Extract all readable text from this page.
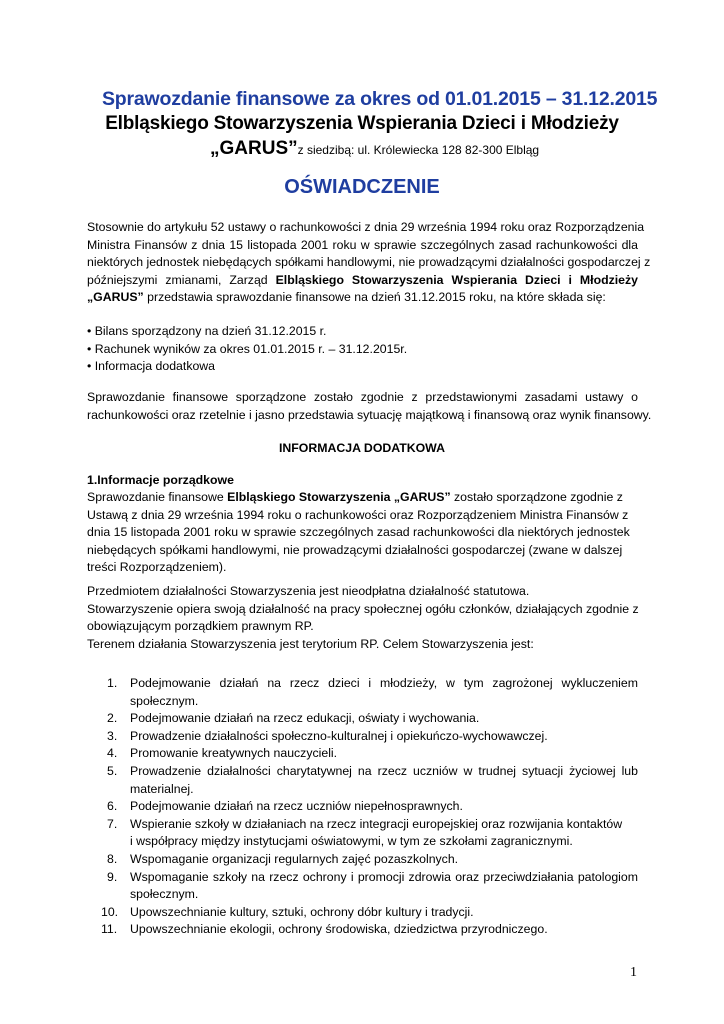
Sprawozdanie finansowe za okres od 01.01.2015 – 31.12.2015
Elbląskiego Stowarzyszenia Wspierania Dzieci i Młodzieży
„GARUS”z siedzibą: ul. Królewiecka 128 82-300 Elbląg
OŚWIADCZENIE
Stosownie do artykułu 52 ustawy o rachunkowości z dnia 29 września 1994 roku oraz Rozporządzenia
Ministra Finansów z dnia 15 listopada 2001 roku w sprawie szczególnych zasad rachunkowości dla
niektórych jednostek niebędących spółkami handlowymi, nie prowadzącymi działalności gospodarczej z
późniejszymi zmianami, Zarząd Elbląskiego Stowarzyszenia Wspierania Dzieci i Młodzieży
„GARUS” przedstawia sprawozdanie finansowe na dzień 31.12.2015 roku, na które składa się:
• Bilans sporządzony na dzień 31.12.2015 r.
• Rachunek wyników za okres 01.01.2015 r. – 31.12.2015r.
• Informacja dodatkowa
Sprawozdanie finansowe sporządzone zostało zgodnie z przedstawionymi zasadami ustawy o
rachunkowości oraz rzetelnie i jasno przedstawia sytuację majątkową i finansową oraz wynik finansowy.
INFORMACJA DODATKOWA
1.Informacje porządkowe
Sprawozdanie finansowe Elbląskiego Stowarzyszenia „GARUS” zostało sporządzone zgodnie z
Ustawą z dnia 29 września 1994 roku o rachunkowości oraz Rozporządzeniem Ministra Finansów z
dnia 15 listopada 2001 roku w sprawie szczególnych zasad rachunkowości dla niektórych jednostek
niebędących spółkami handlowymi, nie prowadzącymi działalności gospodarczej (zwane w dalszej
treści Rozporządzeniem).
Przedmiotem działalności Stowarzyszenia jest nieodpłatna działalność statutowa.
Stowarzyszenie opiera swoją działalność na pracy społecznej ogółu członków, działających zgodnie z
obowiązującym porządkiem prawnym RP.
Terenem działania Stowarzyszenia jest terytorium RP. Celem Stowarzyszenia jest:
1. Podejmowanie działań na rzecz dzieci i młodzieży, w tym zagrożonej wykluczeniem
społecznym.
2. Podejmowanie działań na rzecz edukacji, oświaty i wychowania.
3. Prowadzenie działalności społeczno-kulturalnej i opiekuńczo-wychowawczej.
4. Promowanie kreatywnych nauczycieli.
5. Prowadzenie działalności charytatywnej na rzecz uczniów w trudnej sytuacji życiowej lub
materialnej.
6. Podejmowanie działań na rzecz uczniów niepełnosprawnych.
7. Wspieranie szkoły w działaniach na rzecz integracji europejskiej oraz rozwijania kontaktów
i współpracy między instytucjami oświatowymi, w tym ze szkołami zagranicznymi.
8. Wspomaganie organizacji regularnych zajęć pozaszkolnych.
9. Wspomaganie szkoły na rzecz ochrony i promocji zdrowia oraz przeciwdziałania patologiom
społecznym.
10. Upowszechnianie kultury, sztuki, ochrony dóbr kultury i tradycji.
11. Upowszechnianie ekologii, ochrony środowiska, dziedzictwa przyrodniczego.
1
